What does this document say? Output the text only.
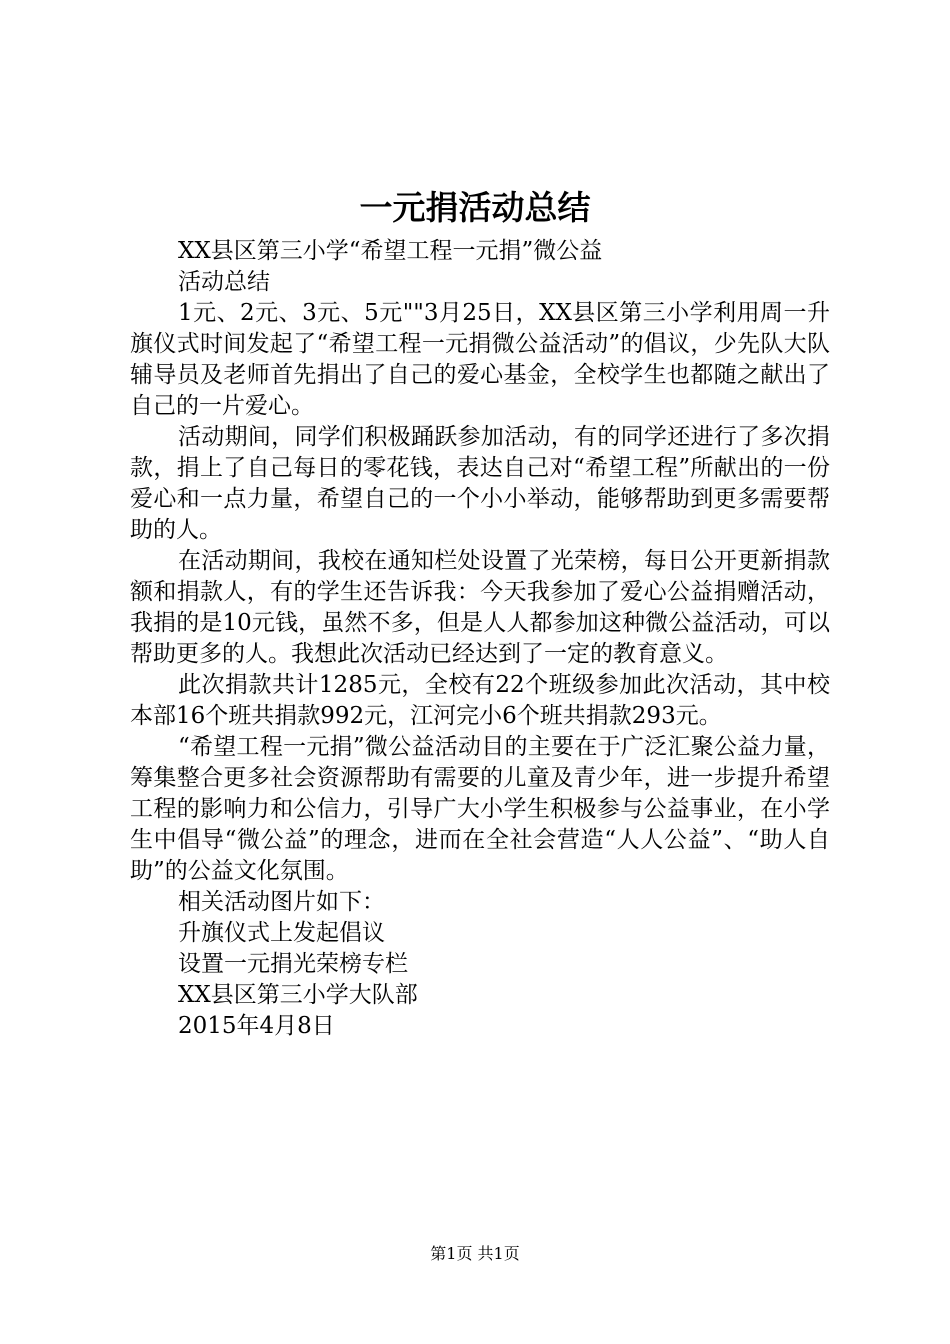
一元捐活动总结

XX县区第三小学“希望工程一元捐”微公益

活动总结

1元、2元、3元、5元""3月25日，XX县区第三小学利用周一升旗仪式时间发起了“希望工程一元捐微公益活动”的倡议，少先队大队辅导员及老师首先捐出了自己的爱心基金，全校学生也都随之献出了自己的一片爱心。

活动期间，同学们积极踊跃参加活动，有的同学还进行了多次捐款，捐上了自己每日的零花钱，表达自己对“希望工程”所献出的一份爱心和一点力量，希望自己的一个小小举动，能够帮助到更多需要帮助的人。

在活动期间，我校在通知栏处设置了光荣榜，每日公开更新捐款额和捐款人，有的学生还告诉我：今天我参加了爱心公益捐赠活动，我捐的是10元钱，虽然不多，但是人人都参加这种微公益活动，可以帮助更多的人。我想此次活动已经达到了一定的教育意义。

此次捐款共计1285元，全校有22个班级参加此次活动，其中校本部16个班共捐款992元，江河完小6个班共捐款293元。

“希望工程一元捐”微公益活动目的主要在于广泛汇聚公益力量，筹集整合更多社会资源帮助有需要的儿童及青少年，进一步提升希望工程的影响力和公信力，引导广大小学生积极参与公益事业，在小学生中倡导“微公益”的理念，进而在全社会营造“人人公益”、“助人自助”的公益文化氛围。

相关活动图片如下：

升旗仪式上发起倡议

设置一元捐光荣榜专栏

XX县区第三小学大队部

2015年4月8日

第1页 共1页
